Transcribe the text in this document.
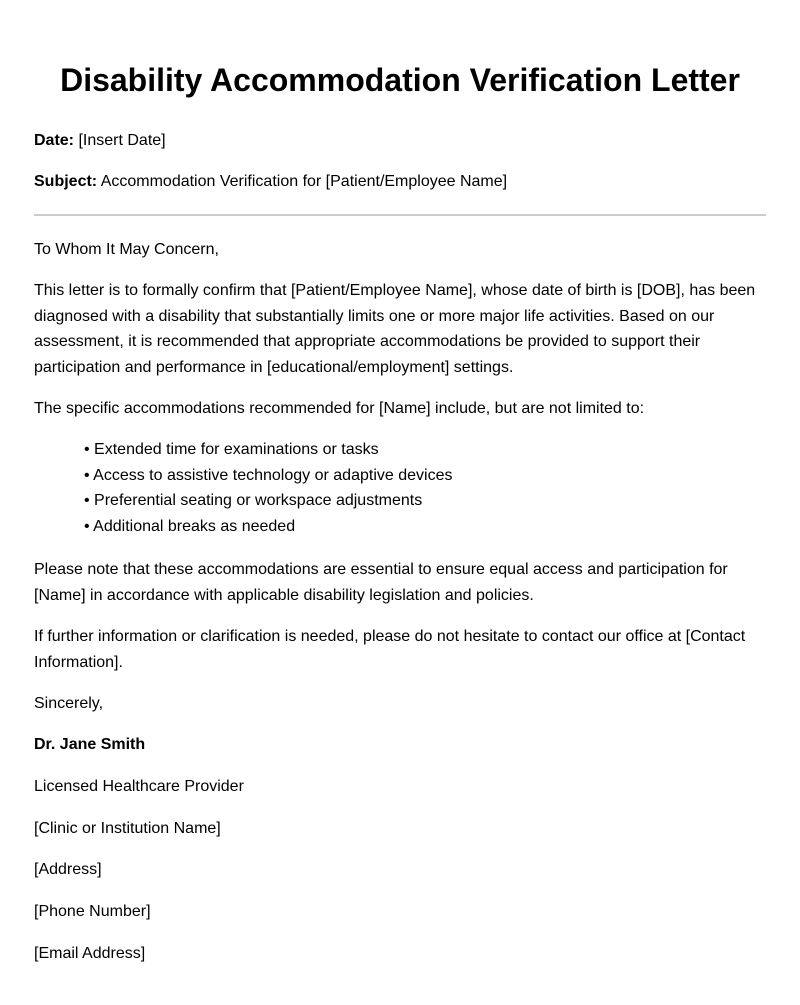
Disability Accommodation Verification Letter

Date: [Insert Date]

Subject: Accommodation Verification for [Patient/Employee Name]

To Whom It May Concern,

This letter is to formally confirm that [Patient/Employee Name], whose date of birth is [DOB], has been diagnosed with a disability that substantially limits one or more major life activities. Based on our assessment, it is recommended that appropriate accommodations be provided to support their participation and performance in [educational/employment] settings.

The specific accommodations recommended for [Name] include, but are not limited to:

• Extended time for examinations or tasks
• Access to assistive technology or adaptive devices
• Preferential seating or workspace adjustments
• Additional breaks as needed

Please note that these accommodations are essential to ensure equal access and participation for [Name] in accordance with applicable disability legislation and policies.

If further information or clarification is needed, please do not hesitate to contact our office at [Contact Information].

Sincerely,

Dr. Jane Smith

Licensed Healthcare Provider

[Clinic or Institution Name]

[Address]

[Phone Number]

[Email Address]
